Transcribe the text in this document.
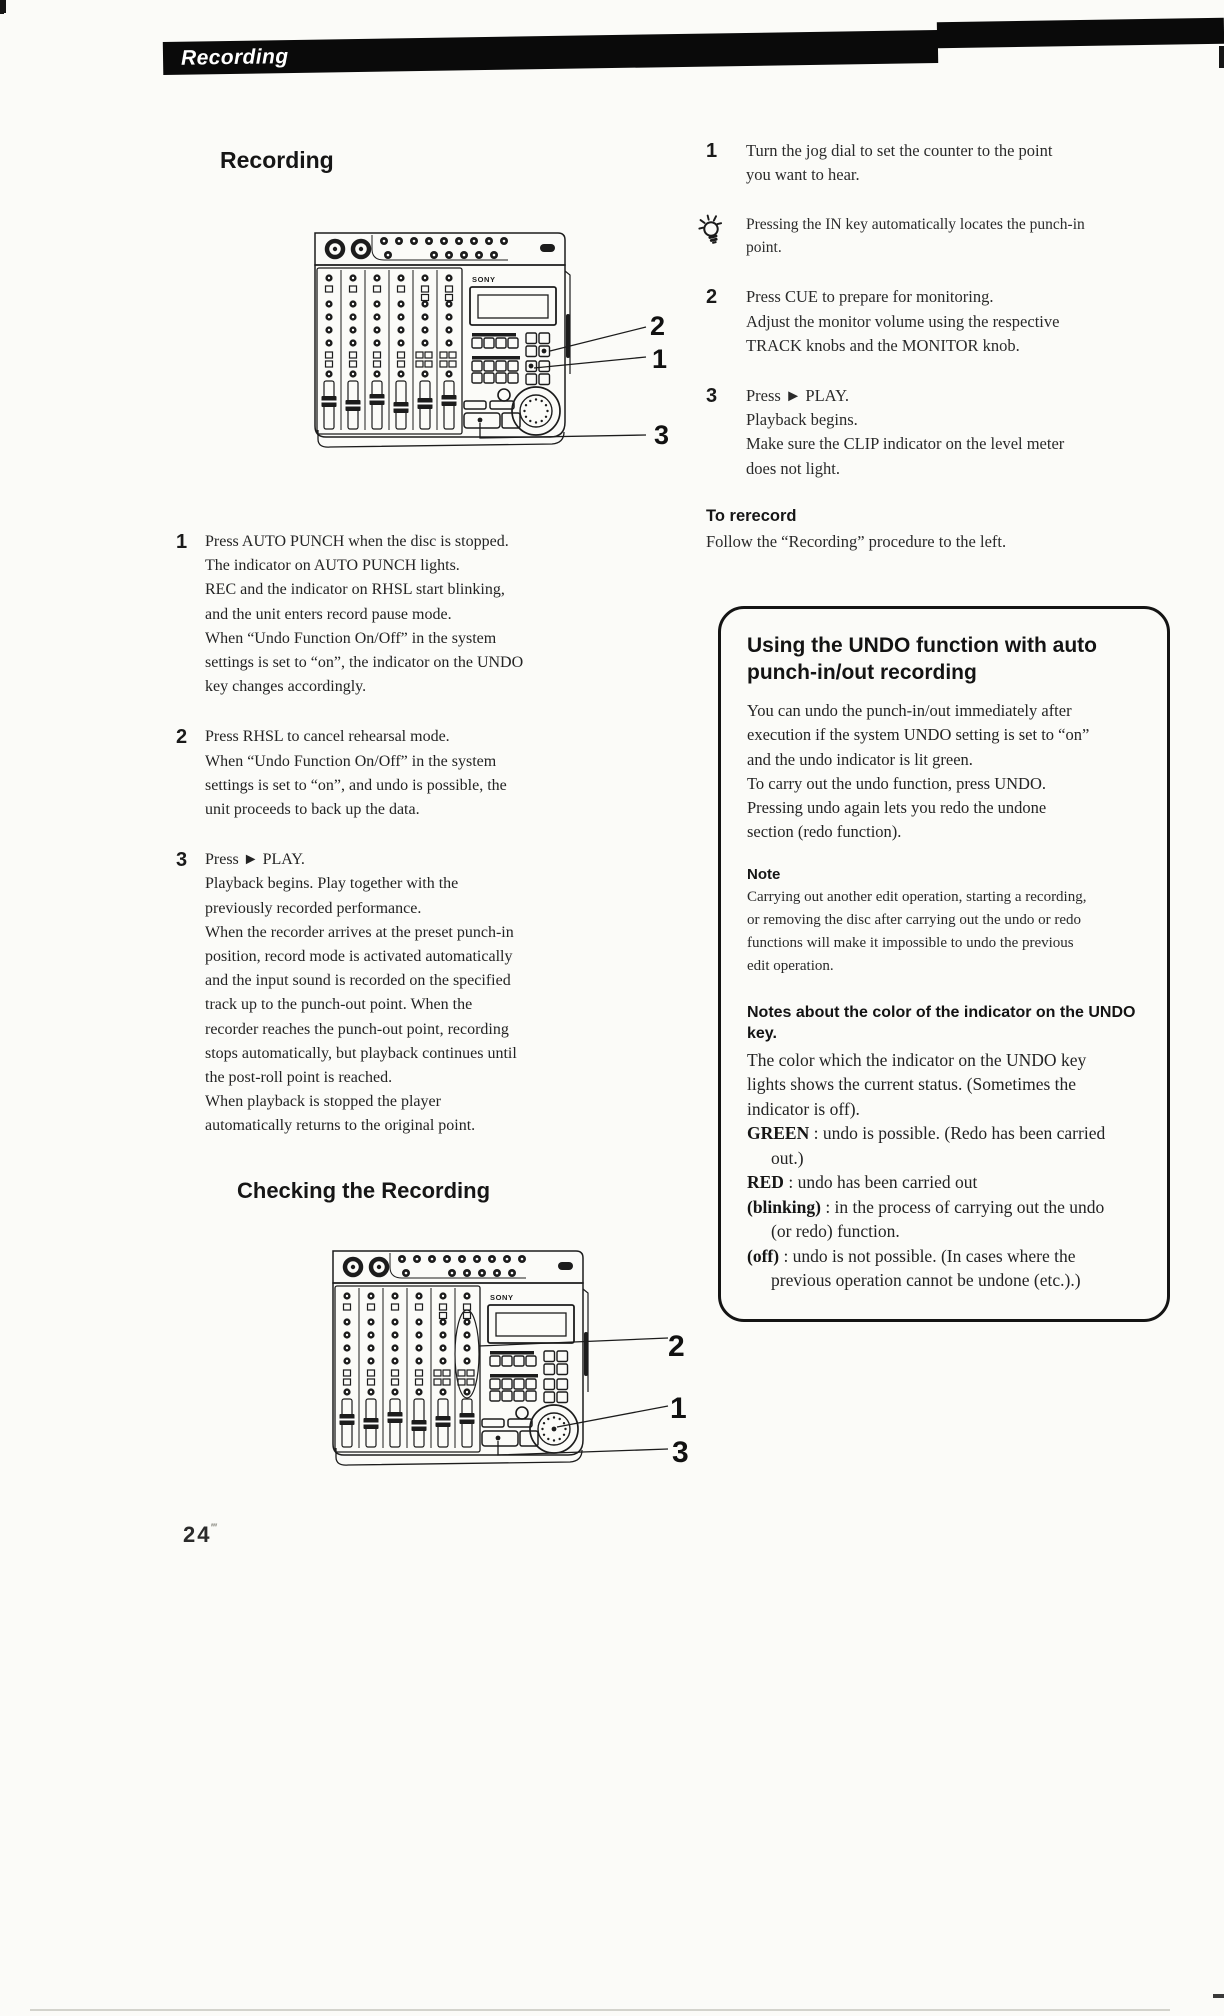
Recording
Recording
2
1
3
1	Press AUTO PUNCH when the disc is stopped.
The indicator on AUTO PUNCH lights.
REC and the indicator on RHSL start blinking,
and the unit enters record pause mode.
When “Undo Function On/Off” in the system
settings is set to “on”, the indicator on the UNDO
key changes accordingly.
2	Press RHSL to cancel rehearsal mode.
When “Undo Function On/Off” in the system
settings is set to “on”, and undo is possible, the
unit proceeds to back up the data.
3	Press ► PLAY.
Playback begins. Play together with the
previously recorded performance.
When the recorder arrives at the preset punch-in
position, record mode is activated automatically
and the input sound is recorded on the specified
track up to the punch-out point. When the
recorder reaches the punch-out point, recording
stops automatically, but playback continues until
the post-roll point is reached.
When playback is stopped the player
automatically returns to the original point.
Checking the Recording
2
1
3
1	Turn the jog dial to set the counter to the point
you want to hear.
Pressing the IN key automatically locates the punch-in
point.
2	Press CUE to prepare for monitoring.
Adjust the monitor volume using the respective
TRACK knobs and the MONITOR knob.
3	Press ► PLAY.
Playback begins.
Make sure the CLIP indicator on the level meter
does not light.
To rerecord
Follow the “Recording” procedure to the left.
Using the UNDO function with auto
punch-in/out recording
You can undo the punch-in/out immediately after
execution if the system UNDO setting is set to “on”
and the undo indicator is lit green.
To carry out the undo function, press UNDO.
Pressing undo again lets you redo the undone
section (redo function).
Note
Carrying out another edit operation, starting a recording,
or removing the disc after carrying out the undo or redo
functions will make it impossible to undo the previous
edit operation.
Notes about the color of the indicator on the UNDO
key.
The color which the indicator on the UNDO key
lights shows the current status. (Sometimes the
indicator is off).
GREEN : undo is possible. (Redo has been carried
out.)
RED : undo has been carried out
(blinking) : in the process of carrying out the undo
(or redo) function.
(off) : undo is not possible. (In cases where the
previous operation cannot be undone (etc.).)
24‴
